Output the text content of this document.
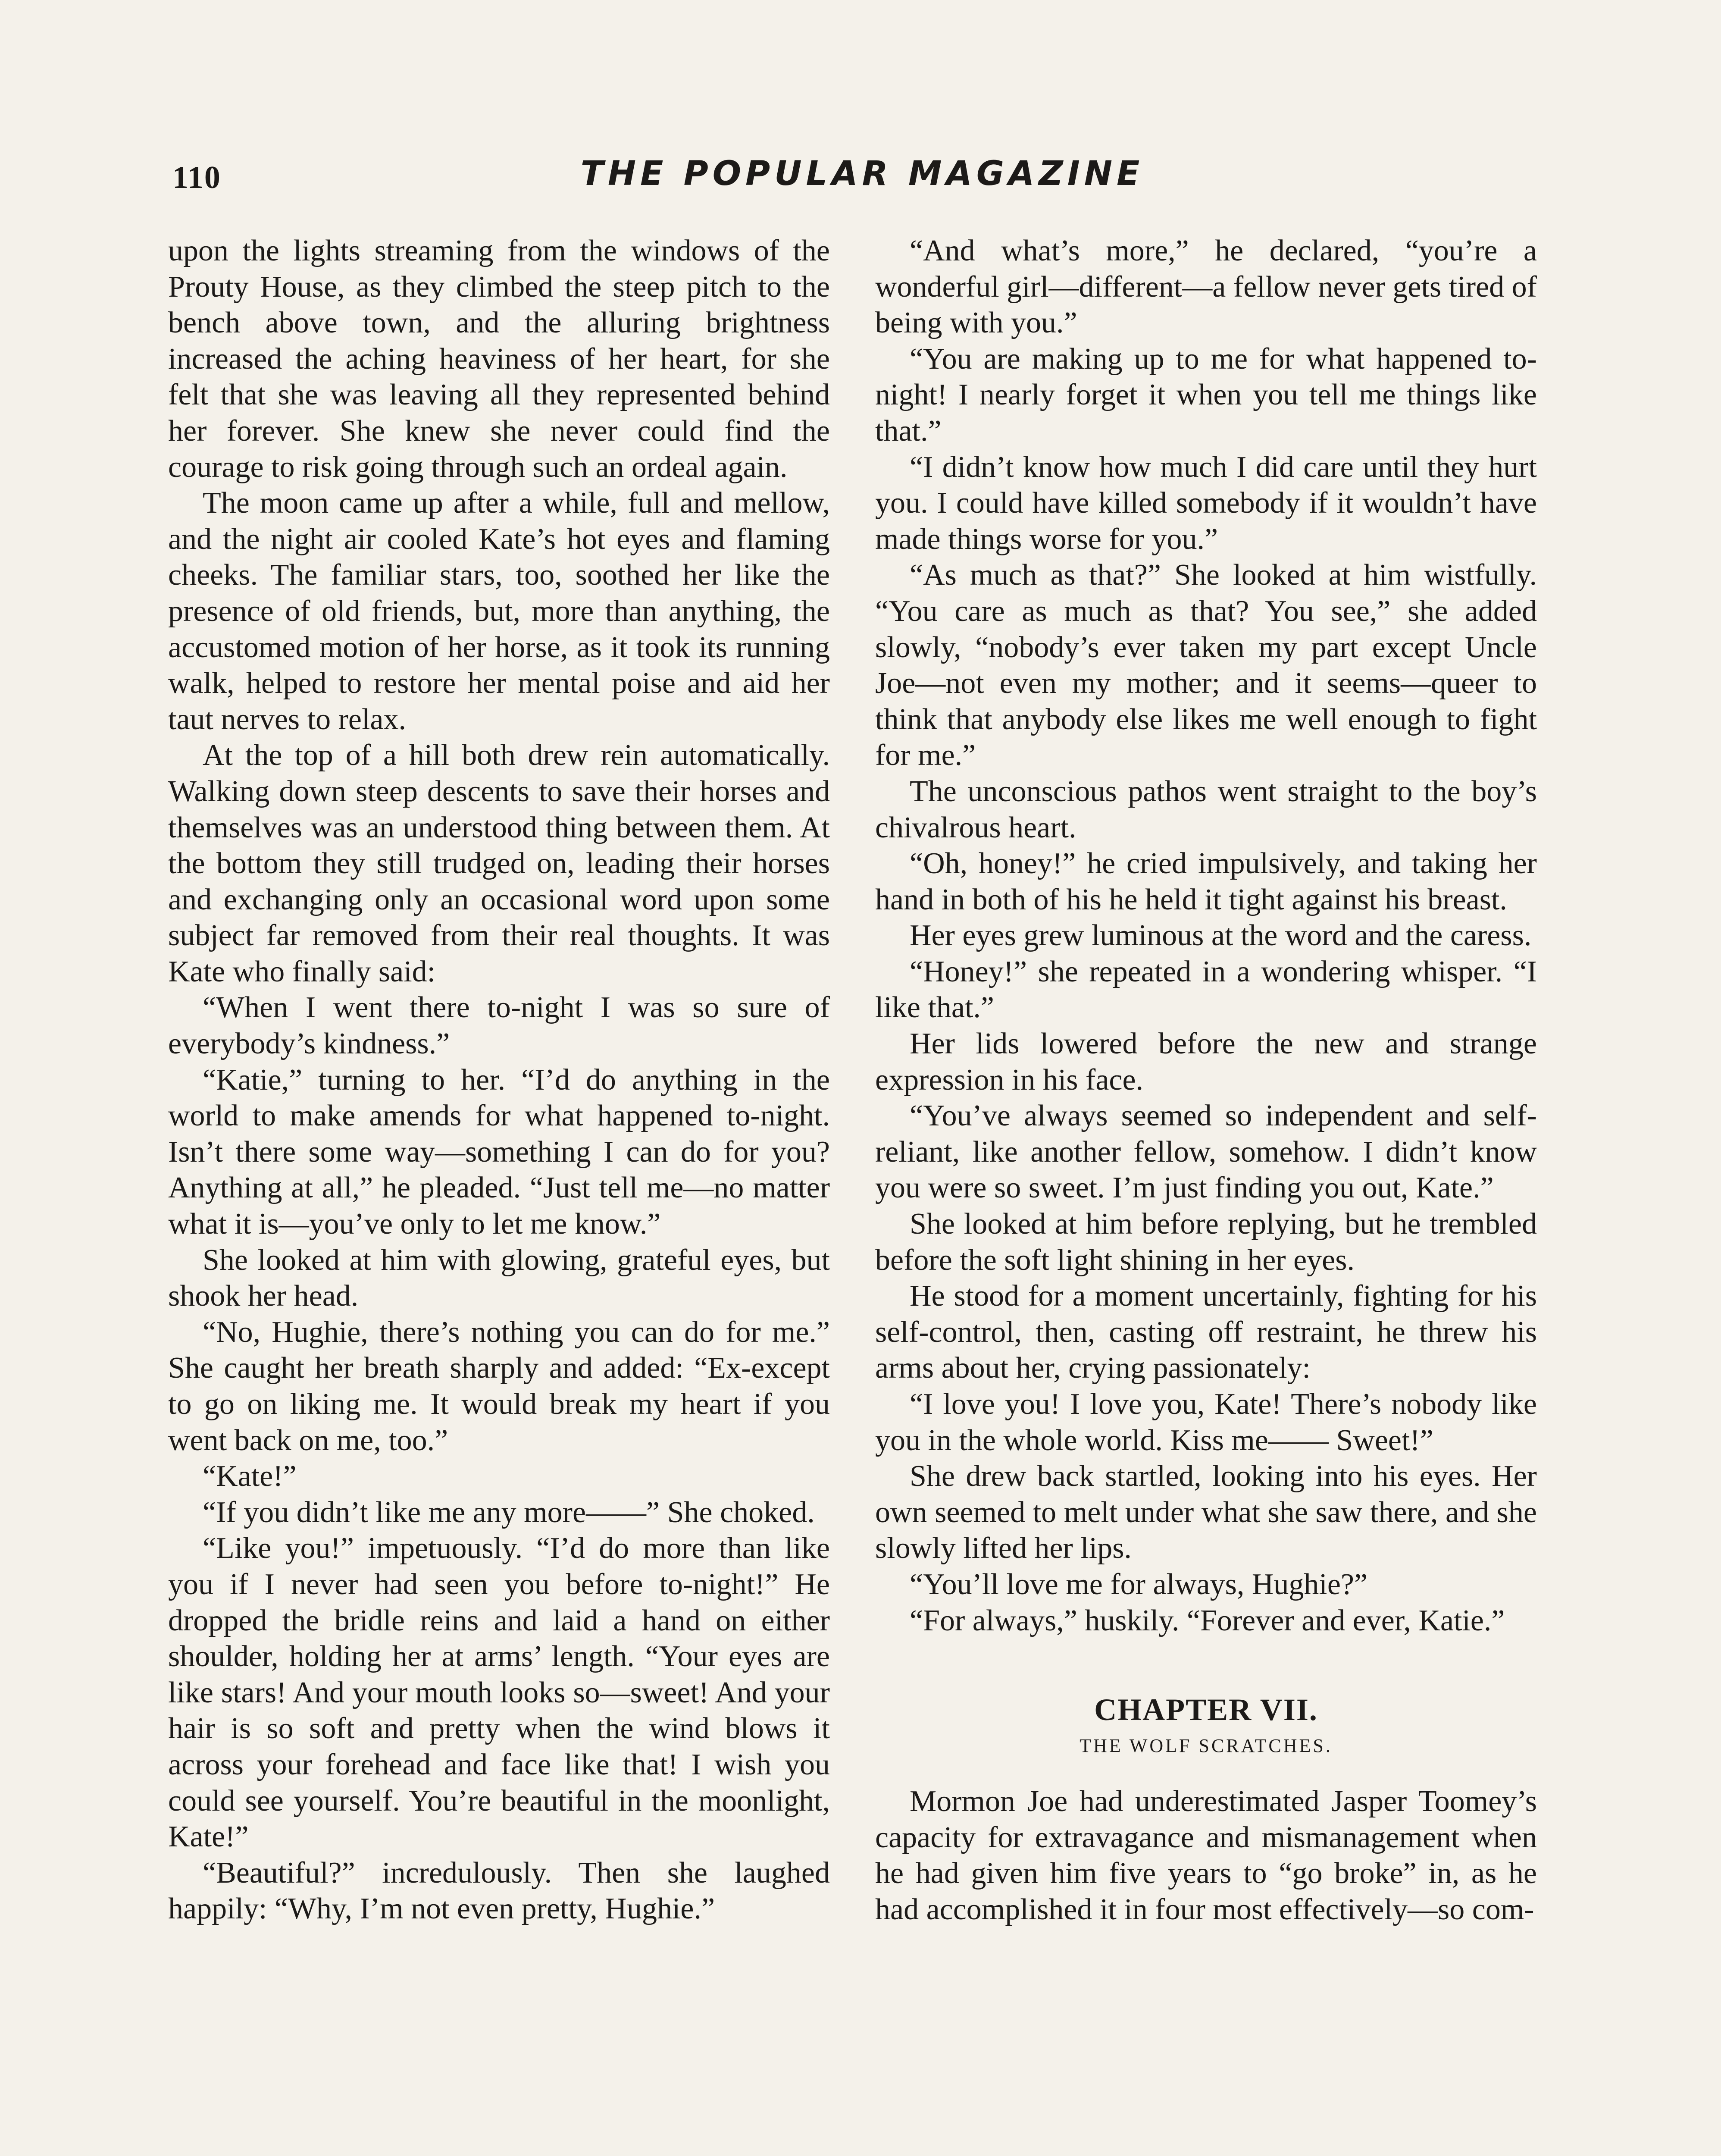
110	THE POPULAR MAGAZINE

upon the lights streaming from the windows of the Prouty House, as they climbed the steep pitch to the bench above town, and the alluring brightness increased the aching heaviness of her heart, for she felt that she was leaving all they represented behind her forever. She knew she never could find the courage to risk going through such an ordeal again.

The moon came up after a while, full and mellow, and the night air cooled Kate’s hot eyes and flaming cheeks. The familiar stars, too, soothed her like the presence of old friends, but, more than anything, the accustomed motion of her horse, as it took its running walk, helped to restore her mental poise and aid her taut nerves to relax.

At the top of a hill both drew rein automatically. Walking down steep descents to save their horses and themselves was an understood thing between them. At the bottom they still trudged on, leading their horses and exchanging only an occasional word upon some subject far removed from their real thoughts. It was Kate who finally said:

“When I went there to-night I was so sure of everybody’s kindness.”

“Katie,” turning to her. “I’d do anything in the world to make amends for what happened to-night. Isn’t there some way—something I can do for you? Anything at all,” he pleaded. “Just tell me—no matter what it is—you’ve only to let me know.”

She looked at him with glowing, grateful eyes, but shook her head.

“No, Hughie, there’s nothing you can do for me.” She caught her breath sharply and added: “Ex-except to go on liking me. It would break my heart if you went back on me, too.”

“Kate!”

“If you didn’t like me any more——” She choked.

“Like you!” impetuously. “I’d do more than like you if I never had seen you before to-night!” He dropped the bridle reins and laid a hand on either shoulder, holding her at arms’ length. “Your eyes are like stars! And your mouth looks so—sweet! And your hair is so soft and pretty when the wind blows it across your forehead and face like that! I wish you could see yourself. You’re beautiful in the moonlight, Kate!”

“Beautiful?” incredulously. Then she laughed happily: “Why, I’m not even pretty, Hughie.”

“And what’s more,” he declared, “you’re a wonderful girl—different—a fellow never gets tired of being with you.”

“You are making up to me for what happened to-night! I nearly forget it when you tell me things like that.”

“I didn’t know how much I did care until they hurt you. I could have killed somebody if it wouldn’t have made things worse for you.”

“As much as that?” She looked at him wistfully. “You care as much as that? You see,” she added slowly, “nobody’s ever taken my part except Uncle Joe—not even my mother; and it seems—queer to think that anybody else likes me well enough to fight for me.”

The unconscious pathos went straight to the boy’s chivalrous heart.

“Oh, honey!” he cried impulsively, and taking her hand in both of his he held it tight against his breast.

Her eyes grew luminous at the word and the caress.

“Honey!” she repeated in a wondering whisper. “I like that.”

Her lids lowered before the new and strange expression in his face.

“You’ve always seemed so independent and self-reliant, like another fellow, somehow. I didn’t know you were so sweet. I’m just finding you out, Kate.”

She looked at him before replying, but he trembled before the soft light shining in her eyes.

He stood for a moment uncertainly, fighting for his self-control, then, casting off restraint, he threw his arms about her, crying passionately:

“I love you! I love you, Kate! There’s nobody like you in the whole world. Kiss me—— Sweet!”

She drew back startled, looking into his eyes. Her own seemed to melt under what she saw there, and she slowly lifted her lips.

“You’ll love me for always, Hughie?”

“For always,” huskily. “Forever and ever, Katie.”

CHAPTER VII.
THE WOLF SCRATCHES.

Mormon Joe had underestimated Jasper Toomey’s capacity for extravagance and mismanagement when he had given him five years to “go broke” in, as he had accomplished it in four most effectively—so com-
